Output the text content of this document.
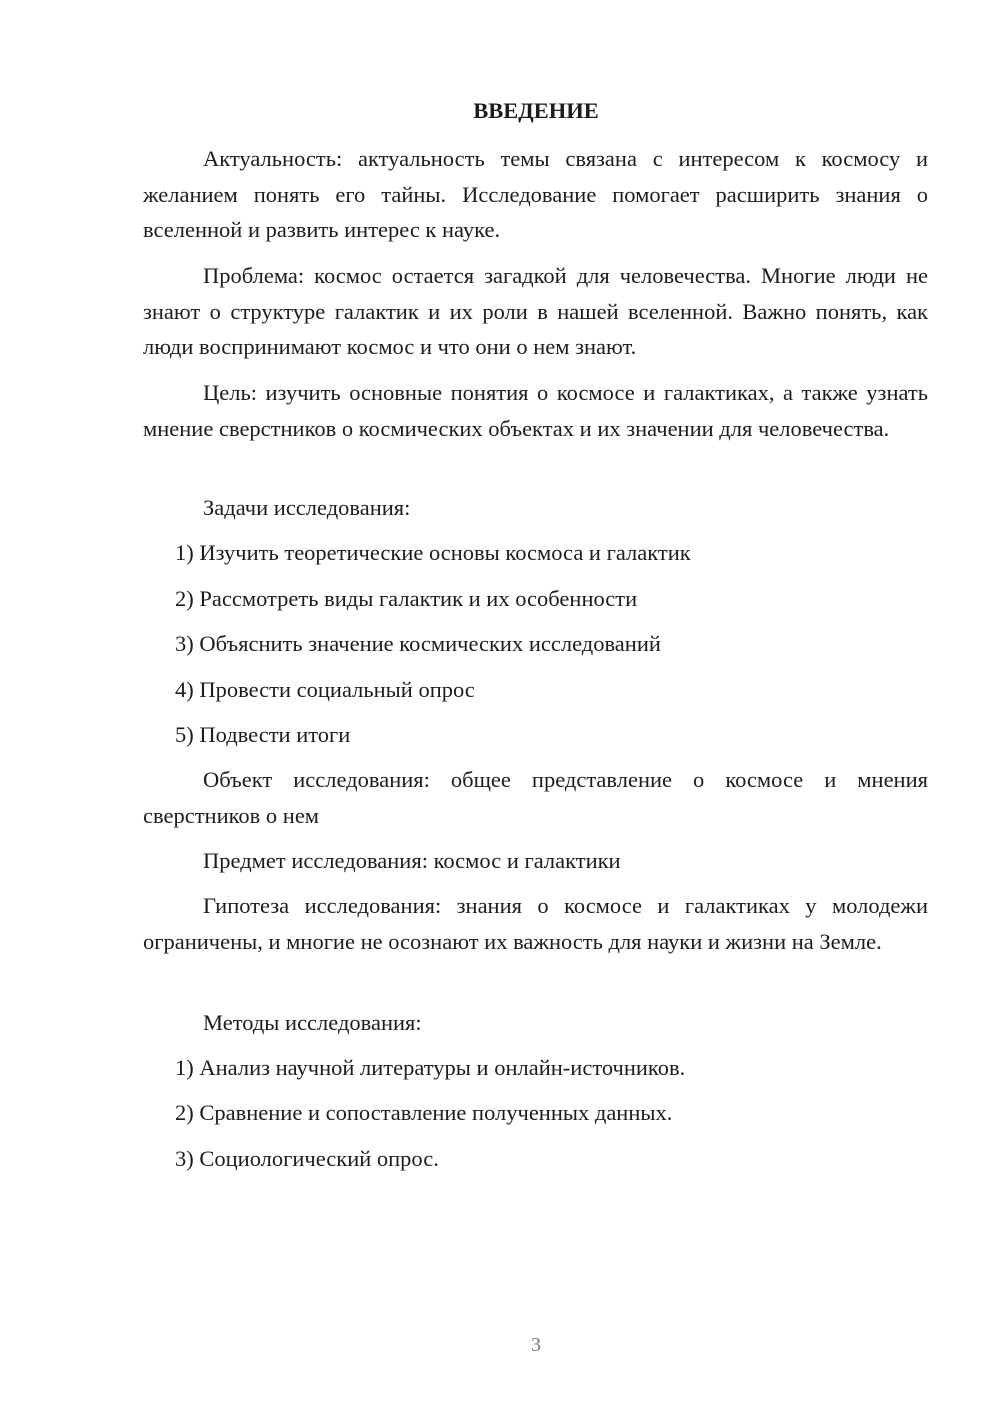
ВВЕДЕНИЕ

Актуальность: актуальность темы связана с интересом к космосу и желанием понять его тайны. Исследование помогает расширить знания о вселенной и развить интерес к науке.

Проблема: космос остается загадкой для человечества. Многие люди не знают о структуре галактик и их роли в нашей вселенной. Важно понять, как люди воспринимают космос и что они о нем знают.

Цель: изучить основные понятия о космосе и галактиках, а также узнать мнение сверстников о космических объектах и их значении для человечества.

Задачи исследования:

1) Изучить теоретические основы космоса и галактик

2) Рассмотреть виды галактик и их особенности

3) Объяснить значение космических исследований

4) Провести социальный опрос

5) Подвести итоги

Объект исследования: общее представление о космосе и мнения сверстников о нем

Предмет исследования: космос и галактики

Гипотеза исследования: знания о космосе и галактиках у молодежи ограничены, и многие не осознают их важность для науки и жизни на Земле.

Методы исследования:

1) Анализ научной литературы и онлайн-источников.

2) Сравнение и сопоставление полученных данных.

3) Социологический опрос.

3
